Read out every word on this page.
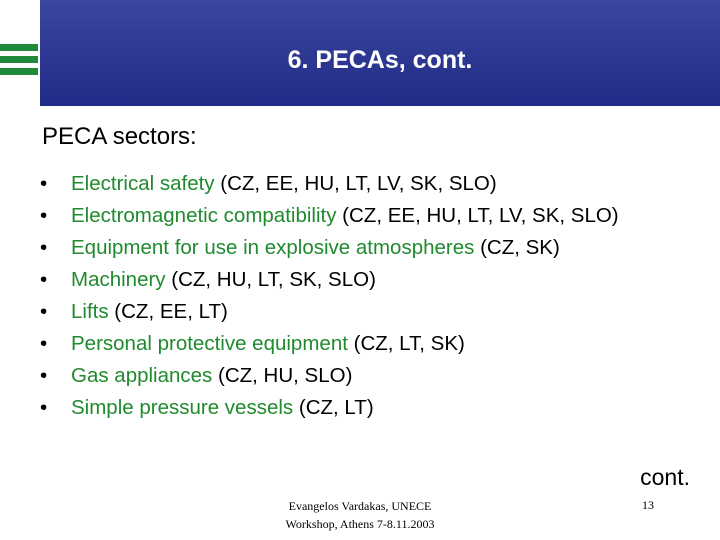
6. PECAs, cont.
PECA sectors:
• Electrical safety (CZ, EE, HU, LT, LV, SK, SLO)
• Electromagnetic compatibility (CZ, EE, HU, LT, LV, SK, SLO)
• Equipment for use in explosive atmospheres (CZ, SK)
• Machinery (CZ, HU, LT, SK, SLO)
• Lifts (CZ, EE, LT)
• Personal protective equipment (CZ, LT, SK)
• Gas appliances (CZ, HU, SLO)
• Simple pressure vessels (CZ, LT)
cont.
Evangelos Vardakas, UNECE
Workshop, Athens 7-8.11.2003
13
